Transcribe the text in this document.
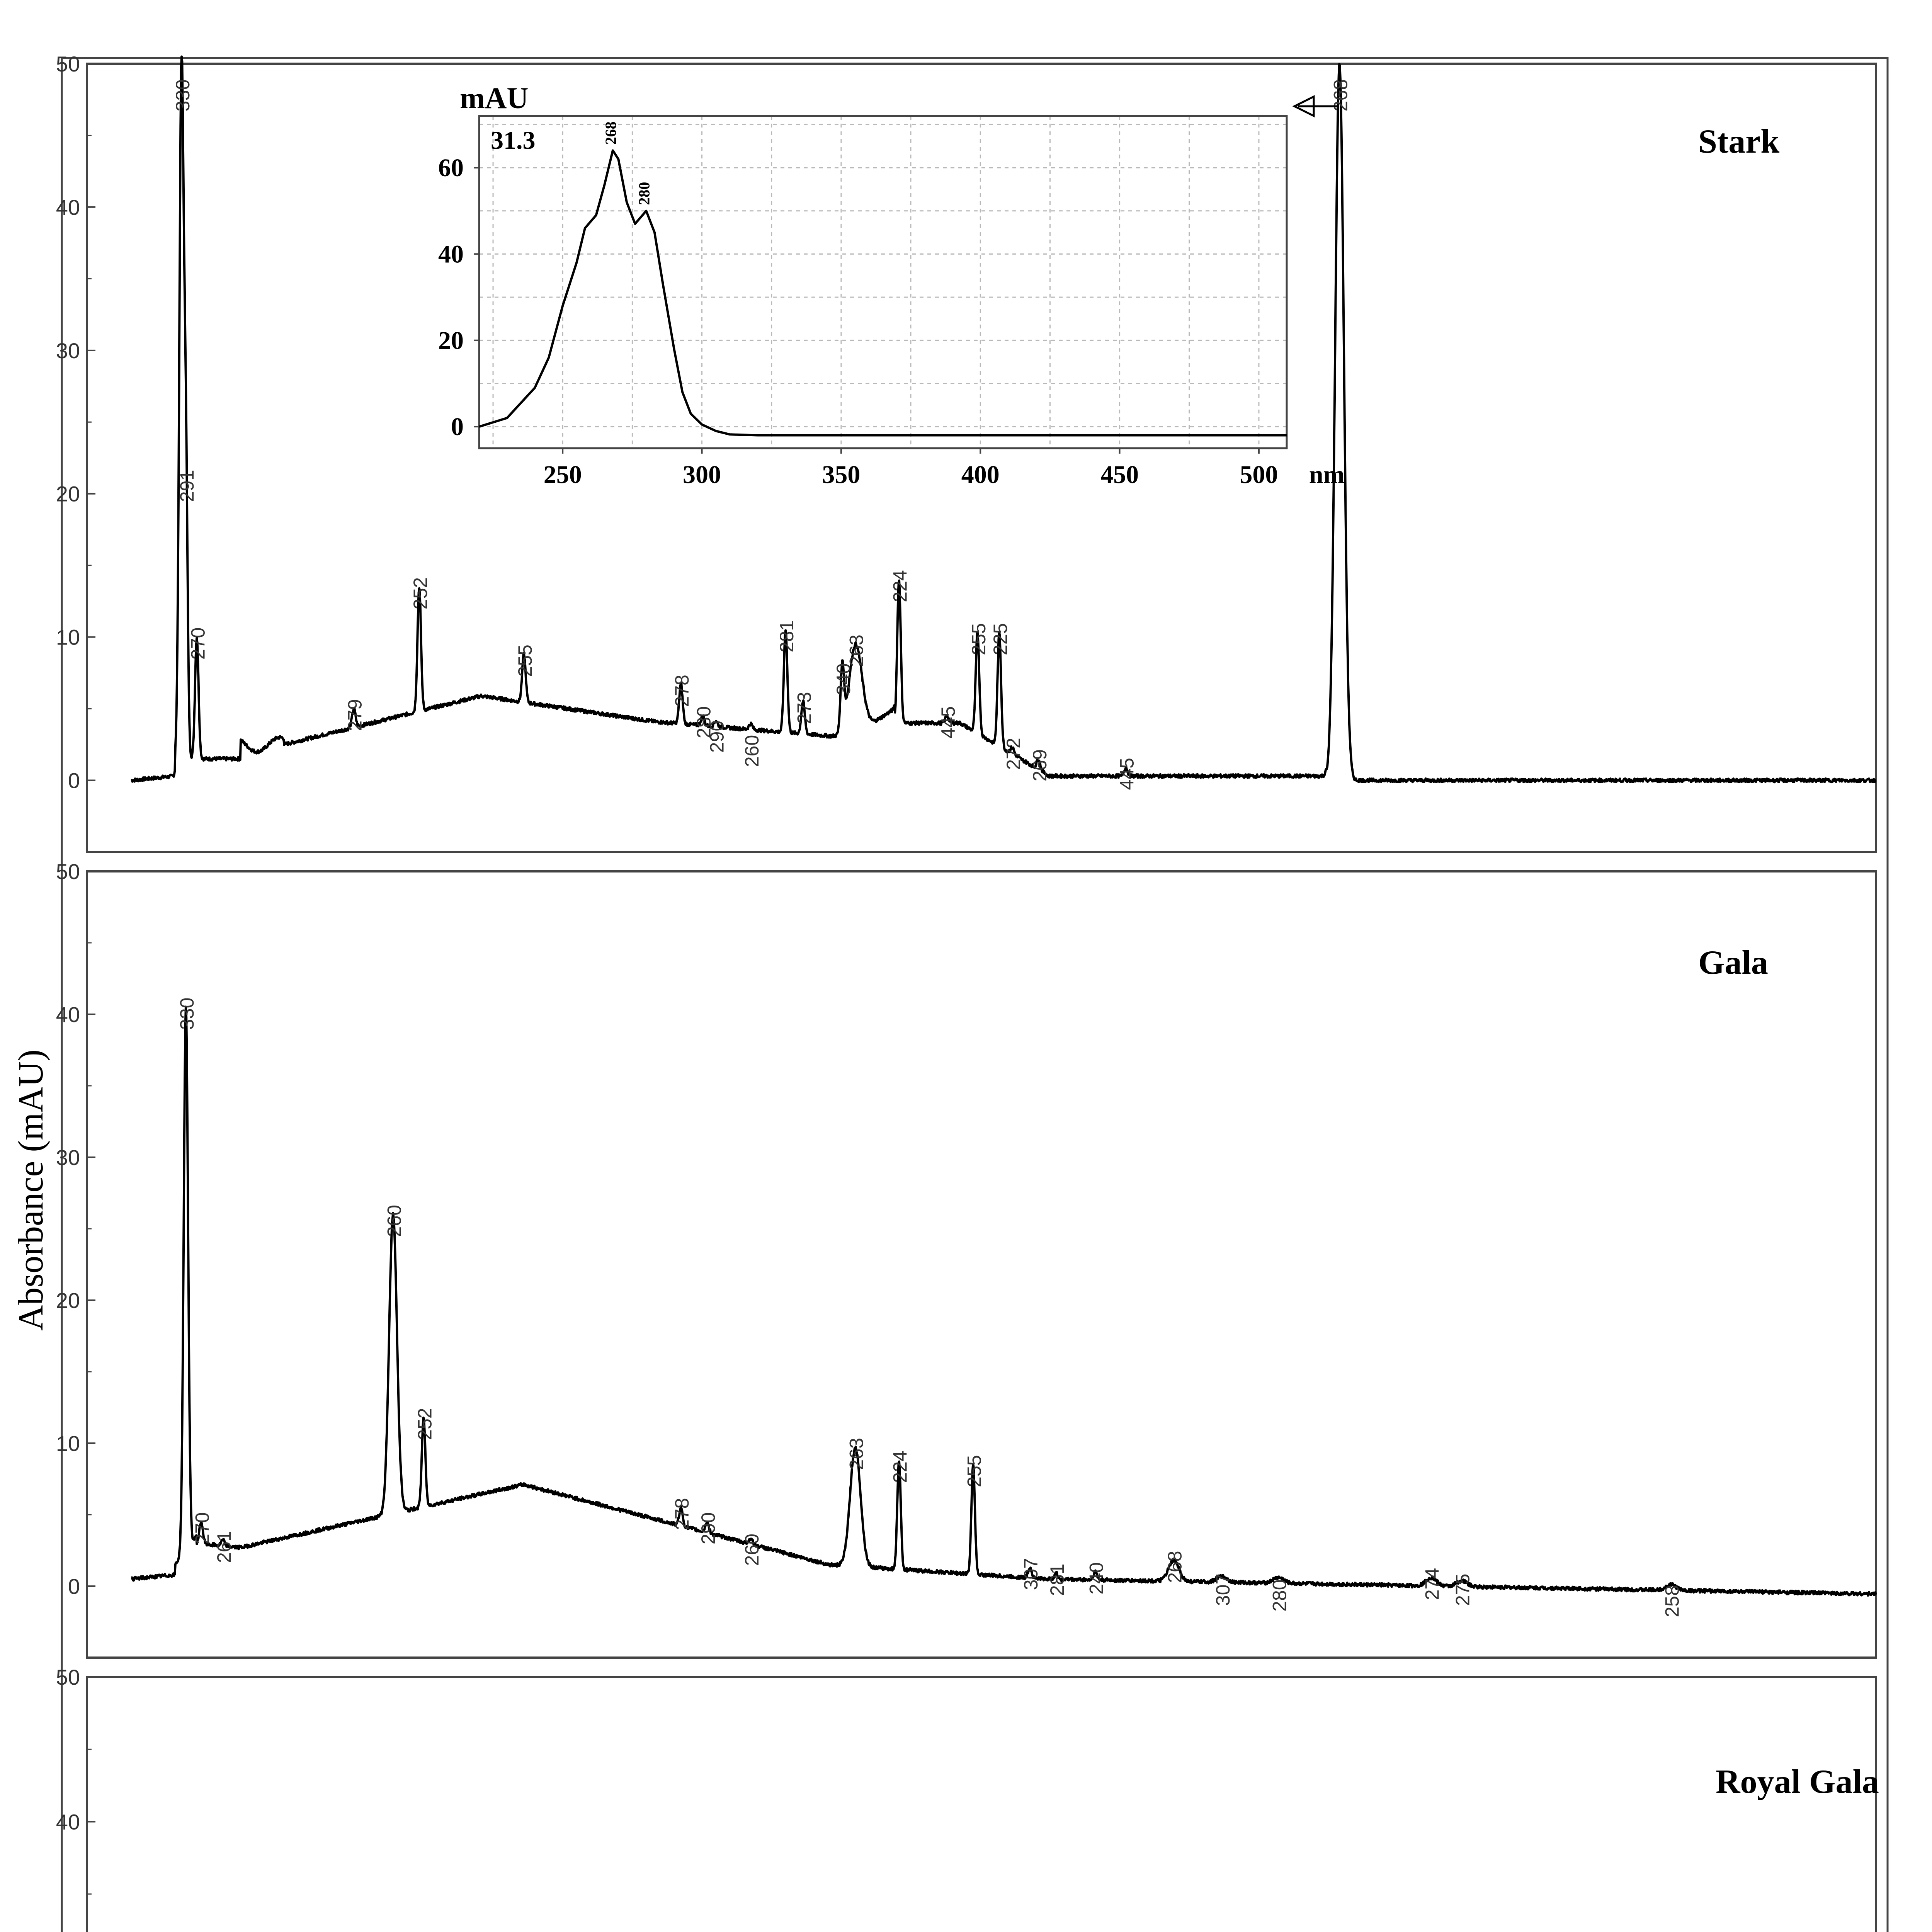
0
10
20
30
40
50
330
291
270
279
252
255
278
280
290 260
281
273
340
263
224
445
255 225
272 269	445
268
Stark
0
20
40
60
250	300	350	400	450	500 nm
mAU
31.3	268
280
0
10
20
30
40
50
330
270
261
260
252
278 290
260
263 224	255
307 281 240	268
307 280	274 275	258
Gala
40
50
Royal Gala
Absorbance (mAU)
